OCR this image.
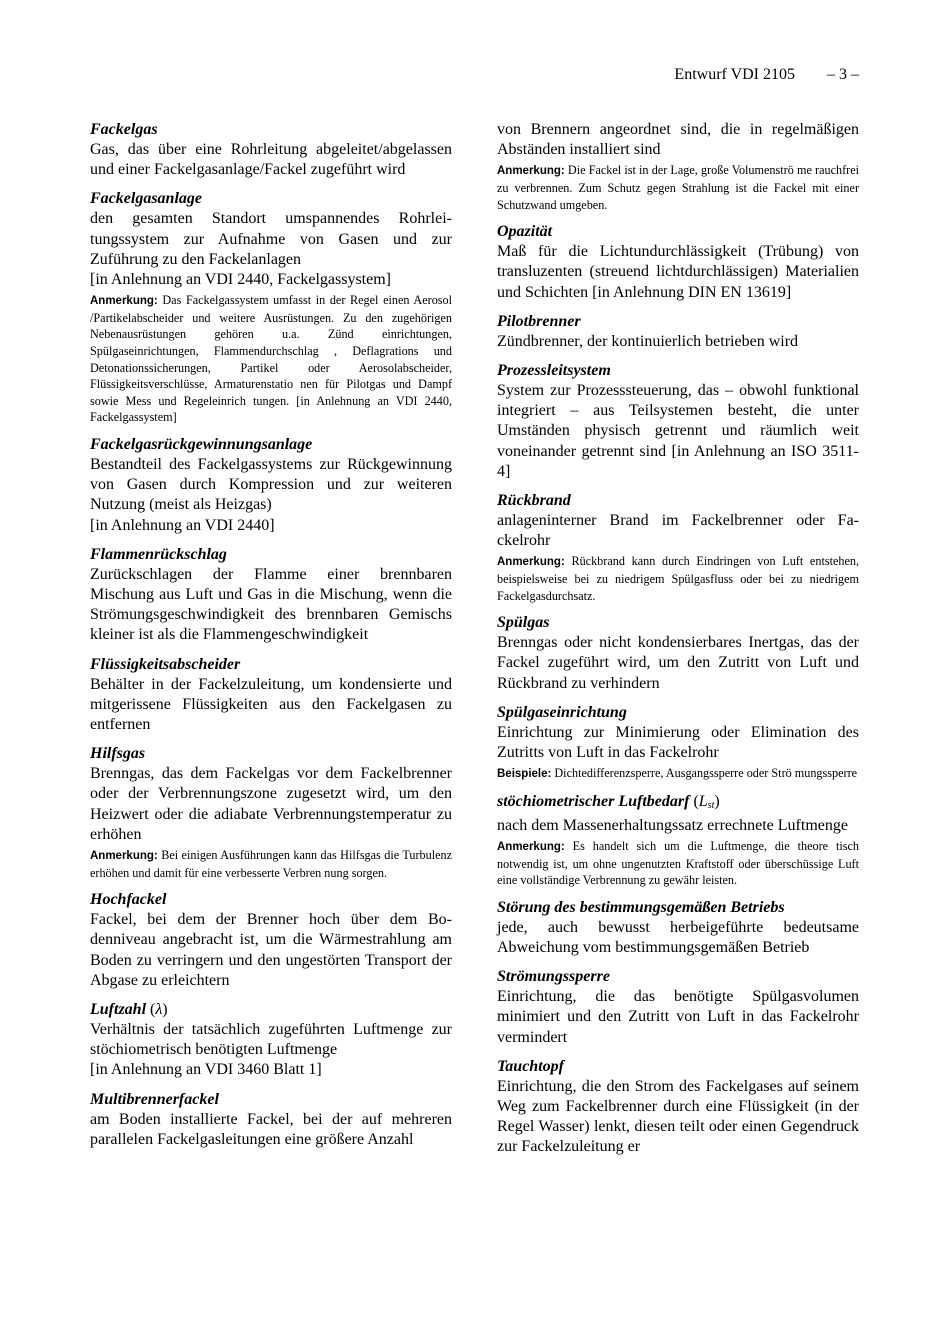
Entwurf VDI 2105 – 3 –
Fackelgas
Gas, das über eine Rohrleitung abgeleitet/abgelassen und einer Fackelgasanlage/Fackel zugeführt wird
Fackelgasanlage
den gesamten Standort umspannendes Rohrleitungssystem zur Aufnahme von Gasen und zur Zuführung zu den Fackelanlagen
[in Anlehnung an VDI 2440, Fackelgassystem]
Anmerkung: Das Fackelgassystem umfasst in der Regel einen Aerosol /Partikelabscheider und weitere Ausrüstungen. Zu den zugehörigen Nebenausrüstungen gehören u.a. Zünd einrichtungen, Spülgaseinrichtungen, Flammendurchschlag , Deflagrations und Detonationssicherungen, Partikel oder Aerosolabscheider, Flüssigkeitsverschlüsse, Armaturenstatio nen für Pilotgas und Dampf sowie Mess und Regeleinrich tungen. [in Anlehnung an VDI 2440, Fackelgassystem]
Fackelgasrückgewinnungsanlage
Bestandteil des Fackelgassystems zur Rückgewinnung von Gasen durch Kompression und zur weiteren Nutzung (meist als Heizgas)
[in Anlehnung an VDI 2440]
Flammenrückschlag
Zurückschlagen der Flamme einer brennbaren Mischung aus Luft und Gas in die Mischung, wenn die Strömungsgeschwindigkeit des brennbaren Gemischs kleiner ist als die Flammengeschwindigkeit
Flüssigkeitsabscheider
Behälter in der Fackelzuleitung, um kondensierte und mitgerissene Flüssigkeiten aus den Fackelgasen zu entfernen
Hilfsgas
Brenngas, das dem Fackelgas vor dem Fackelbrenner oder der Verbrennungszone zugesetzt wird, um den Heizwert oder die adiabate Verbrennungstemperatur zu erhöhen
Anmerkung: Bei einigen Ausführungen kann das Hilfsgas die Turbulenz erhöhen und damit für eine verbesserte Verbren nung sorgen.
Hochfackel
Fackel, bei dem der Brenner hoch über dem Bodenniveau angebracht ist, um die Wärmestrahlung am Boden zu verringern und den ungestörten Transport der Abgase zu erleichtern
Luftzahl (λ)
Verhältnis der tatsächlich zugeführten Luftmenge zur stöchiometrisch benötigten Luftmenge
[in Anlehnung an VDI 3460 Blatt 1]
Multibrennerfackel
am Boden installierte Fackel, bei der auf mehreren parallelen Fackelgasleitungen eine größere Anzahl
von Brennern angeordnet sind, die in regelmäßigen Abständen installiert sind
Anmerkung: Die Fackel ist in der Lage, große Volumenströ me rauchfrei zu verbrennen. Zum Schutz gegen Strahlung ist die Fackel mit einer Schutzwand umgeben.
Opazität
Maß für die Lichtundurchlässigkeit (Trübung) von transluzenten (streuend lichtdurchlässigen) Materialien und Schichten [in Anlehnung DIN EN 13619]
Pilotbrenner
Zündbrenner, der kontinuierlich betrieben wird
Prozessleitsystem
System zur Prozesssteuerung, das – obwohl funktional integriert – aus Teilsystemen besteht, die unter Umständen physisch getrennt und räumlich weit voneinander getrennt sind [in Anlehnung an ISO 3511-4]
Rückbrand
anlageninterner Brand im Fackelbrenner oder Fackelrohr
Anmerkung: Rückbrand kann durch Eindringen von Luft entstehen, beispielsweise bei zu niedrigem Spülgasfluss oder bei zu niedrigem Fackelgasdurchsatz.
Spülgas
Brenngas oder nicht kondensierbares Inertgas, das der Fackel zugeführt wird, um den Zutritt von Luft und Rückbrand zu verhindern
Spülgaseinrichtung
Einrichtung zur Minimierung oder Elimination des Zutritts von Luft in das Fackelrohr
Beispiele: Dichtedifferenzsperre, Ausgangssperre oder Strö mungssperre
stöchiometrischer Luftbedarf $(L_{st})$
nach dem Massenerhaltungssatz errechnete Luftmenge
Anmerkung: Es handelt sich um die Luftmenge, die theore tisch notwendig ist, um ohne ungenutzten Kraftstoff oder überschüssige Luft eine vollständige Verbrennung zu gewähr leisten.
Störung des bestimmungsgemäßen Betriebs
jede, auch bewusst herbeigeführte bedeutsame Abweichung vom bestimmungsgemäßen Betrieb
Strömungssperre
Einrichtung, die das benötigte Spülgasvolumen minimiert und den Zutritt von Luft in das Fackelrohr vermindert
Tauchtopf
Einrichtung, die den Strom des Fackelgases auf seinem Weg zum Fackelbrenner durch eine Flüssigkeit (in der Regel Wasser) lenkt, diesen teilt oder einen Gegendruck zur Fackelzuleitung er
